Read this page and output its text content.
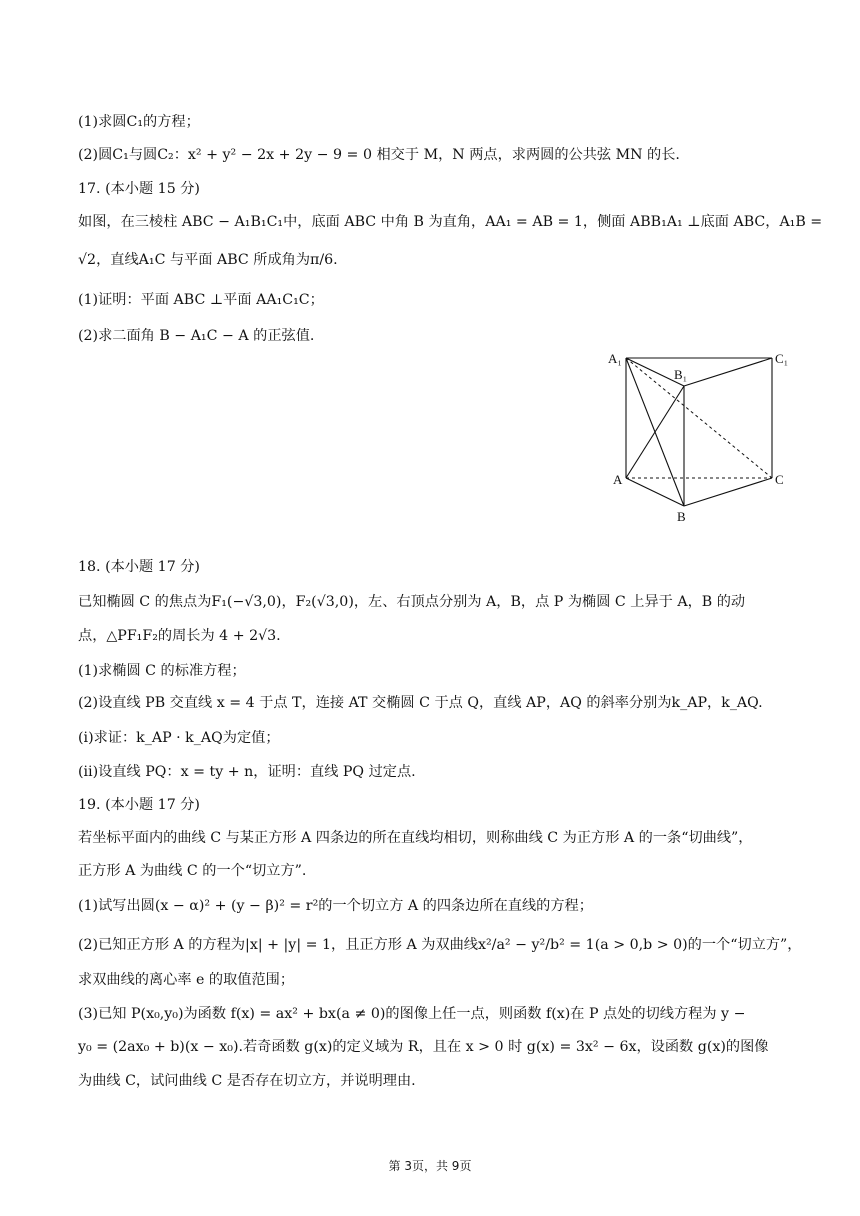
(1)求圆C₁的方程；
(2)圆C₁与圆C₂：x² + y² − 2x + 2y − 9 = 0 相交于 M，N 两点，求两圆的公共弦 MN 的长.
17. (本小题 15 分)
如图，在三棱柱 ABC − A₁B₁C₁中，底面 ABC 中角 B 为直角，AA₁ = AB = 1，侧面 ABB₁A₁ ⊥底面 ABC，A₁B =
√2，直线A₁C 与平面 ABC 所成角为π/6.
(1)证明：平面 ABC ⊥平面 AA₁C₁C；
(2)求二面角 B − A₁C − A 的正弦值.
A₁
B₁
C₁
A
B
C
18. (本小题 17 分)
已知椭圆 C 的焦点为F₁(−√3,0)，F₂(√3,0)，左、右顶点分别为 A，B，点 P 为椭圆 C 上异于 A，B 的动
点，△PF₁F₂的周长为 4 + 2√3.
(1)求椭圆 C 的标准方程；
(2)设直线 PB 交直线 x = 4 于点 T，连接 AT 交椭圆 C 于点 Q，直线 AP，AQ 的斜率分别为k_AP，k_AQ.
(ⅰ)求证：k_AP · k_AQ为定值；
(ⅱ)设直线 PQ：x = ty + n，证明：直线 PQ 过定点.
19. (本小题 17 分)
若坐标平面内的曲线 C 与某正方形 A 四条边的所在直线均相切，则称曲线 C 为正方形 A 的一条“切曲线”，
正方形 A 为曲线 C 的一个“切立方”.
(1)试写出圆(x − α)² + (y − β)² = r²的一个切立方 A 的四条边所在直线的方程；
(2)已知正方形 A 的方程为|x| + |y| = 1，且正方形 A 为双曲线x²/a² − y²/b² = 1(a > 0,b > 0)的一个“切立方”，
求双曲线的离心率 e 的取值范围；
(3)已知 P(x₀,y₀)为函数 f(x) = ax² + bx(a ≠ 0)的图像上任一点，则函数 f(x)在 P 点处的切线方程为 y −
y₀ = (2ax₀ + b)(x − x₀).若奇函数 g(x)的定义域为 R，且在 x > 0 时 g(x) = 3x² − 6x，设函数 g(x)的图像
为曲线 C，试问曲线 C 是否存在切立方，并说明理由.
第 3页，共 9页
